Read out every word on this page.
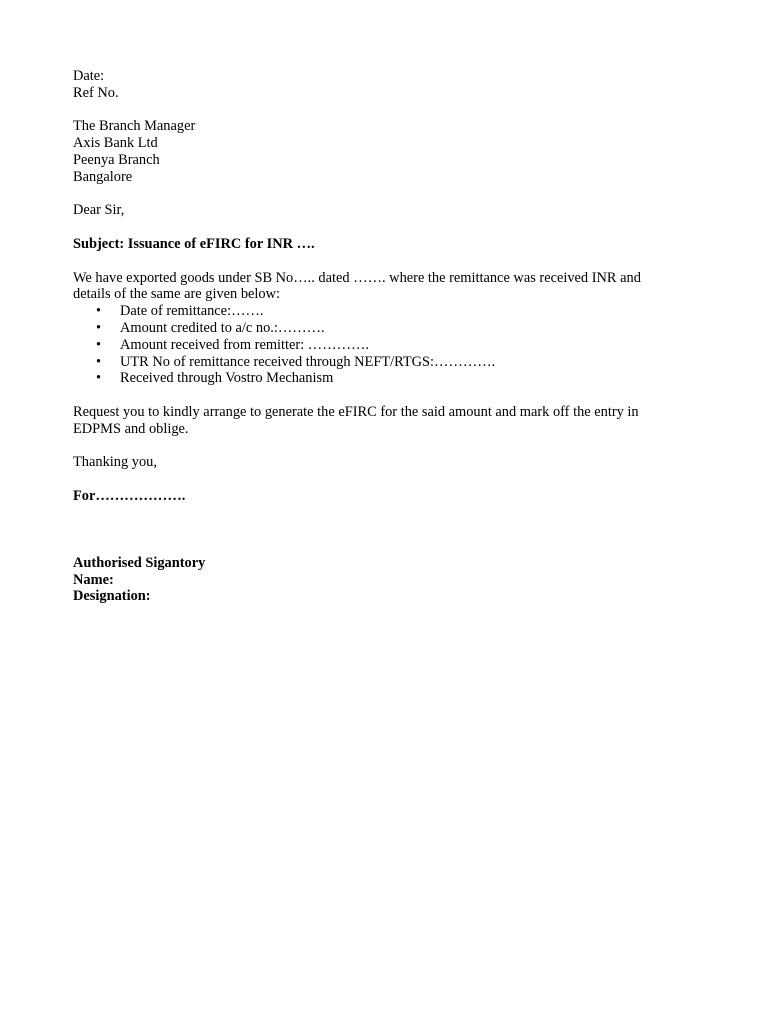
Date:

Ref No.

The Branch Manager

Axis Bank Ltd

Peenya Branch

Bangalore

Dear Sir,

Subject: Issuance of eFIRC for INR ….

We have exported goods under SB No….. dated ……. where the remittance was received INR and

details of the same are given below:

• Date of remittance:…….
• Amount credited to a/c no.:……….
• Amount received from remitter: ………….
• UTR No of remittance received through NEFT/RTGS:………….
• Received through Vostro Mechanism

Request you to kindly arrange to generate the eFIRC for the said amount and mark off the entry in

EDPMS and oblige.

Thanking you,

For……………….

Authorised Sigantory

Name:

Designation:
